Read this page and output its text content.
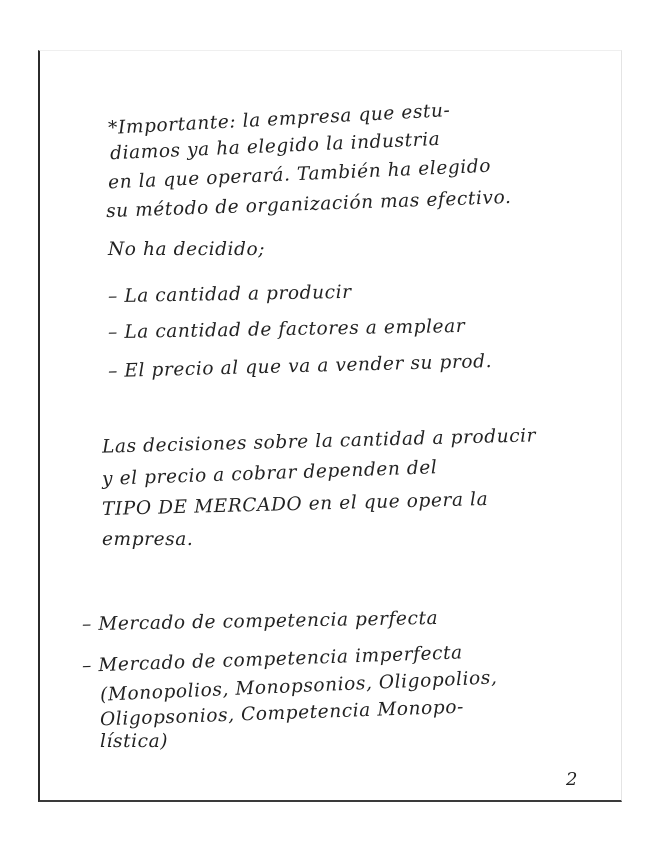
*Importante: la empresa que estu-
diamos ya ha elegido la industria
en la que operará. También ha elegido
su método de organización mas efectivo.
No ha decidido;
– La cantidad a producir
– La cantidad de factores a emplear
– El precio al que va a vender su prod.
Las decisiones sobre la cantidad a producir
y el precio a cobrar dependen del
TIPO DE MERCADO en el que opera la
empresa.
– Mercado de competencia perfecta
– Mercado de competencia imperfecta
(Monopolios, Monopsonios, Oligopolios,
Oligopsonios, Competencia Monopo-
lística)
2
